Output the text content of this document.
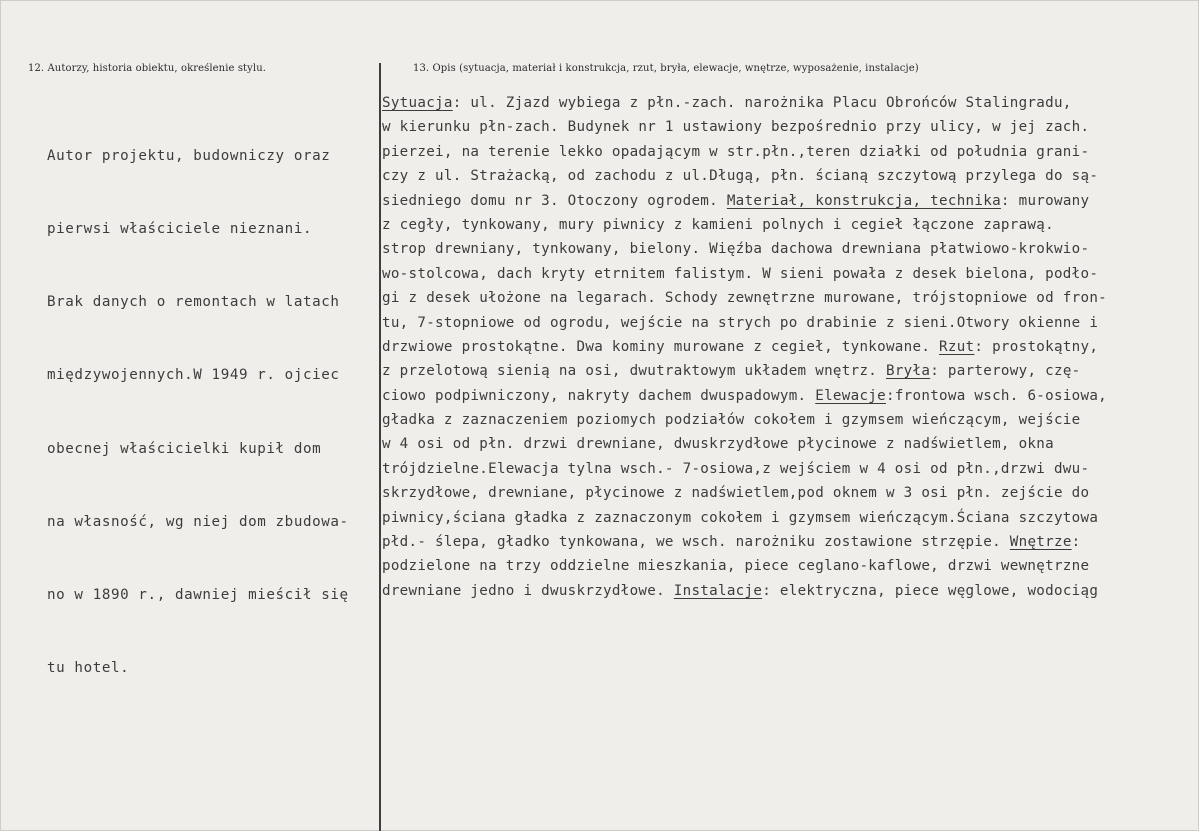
12. Autorzy, historia obiektu, określenie stylu.	13. Opis (sytuacja, materiał i konstrukcja, rzut, bryła, elewacje, wnętrze, wyposażenie, instalacje)

Autor projektu, budowniczy oraz

pierwsi właściciele nieznani.

Brak danych o remontach w latach

międzywojennych.W 1949 r. ojciec

obecnej właścicielki kupił dom

na własność, wg niej dom zbudowa-

no w 1890 r., dawniej mieścił się

tu hotel.

Sytuacja: ul. Zjazd wybiega z płn.-zach. narożnika Placu Obrońców Stalingradu,
w kierunku płn-zach. Budynek nr 1 ustawiony bezpośrednio przy ulicy, w jej zach.
pierzei, na terenie lekko opadającym w str.płn.,teren działki od południa grani-
czy z ul. Strażacką, od zachodu z ul.Długą, płn. ścianą szczytową przylega do są-
siedniego domu nr 3. Otoczony ogrodem. Materiał, konstrukcja, technika: murowany
z cegły, tynkowany, mury piwnicy z kamieni polnych i cegieł łączone zaprawą.
strop drewniany, tynkowany, bielony. Więźba dachowa drewniana płatwiowo-krokwio-
wo-stolcowa, dach kryty etrnitem falistym. W sieni powała z desek bielona, podło-
gi z desek ułożone na legarach. Schody zewnętrzne murowane, trójstopniowe od fron-
tu, 7-stopniowe od ogrodu, wejście na strych po drabinie z sieni.Otwory okienne i
drzwiowe prostokątne. Dwa kominy murowane z cegieł, tynkowane. Rzut: prostokątny,
z przelotową sienią na osi, dwutraktowym układem wnętrz. Bryła: parterowy, czę-
ciowo podpiwniczony, nakryty dachem dwuspadowym. Elewacje:frontowa wsch. 6-osiowa,
gładka z zaznaczeniem poziomych podziałów cokołem i gzymsem wieńczącym, wejście
w 4 osi od płn. drzwi drewniane, dwuskrzydłowe płycinowe z nadświetlem, okna
trójdzielne.Elewacja tylna wsch.- 7-osiowa,z wejściem w 4 osi od płn.,drzwi dwu-
skrzydłowe, drewniane, płycinowe z nadświetlem,pod oknem w 3 osi płn. zejście do
piwnicy,ściana gładka z zaznaczonym cokołem i gzymsem wieńczącym.Ściana szczytowa
płd.- ślepa, gładko tynkowana, we wsch. narożniku zostawione strzępie. Wnętrze:
podzielone na trzy oddzielne mieszkania, piece ceglano-kaflowe, drzwi wewnętrzne
drewniane jedno i dwuskrzydłowe. Instalacje: elektryczna, piece węglowe, wodociąg
